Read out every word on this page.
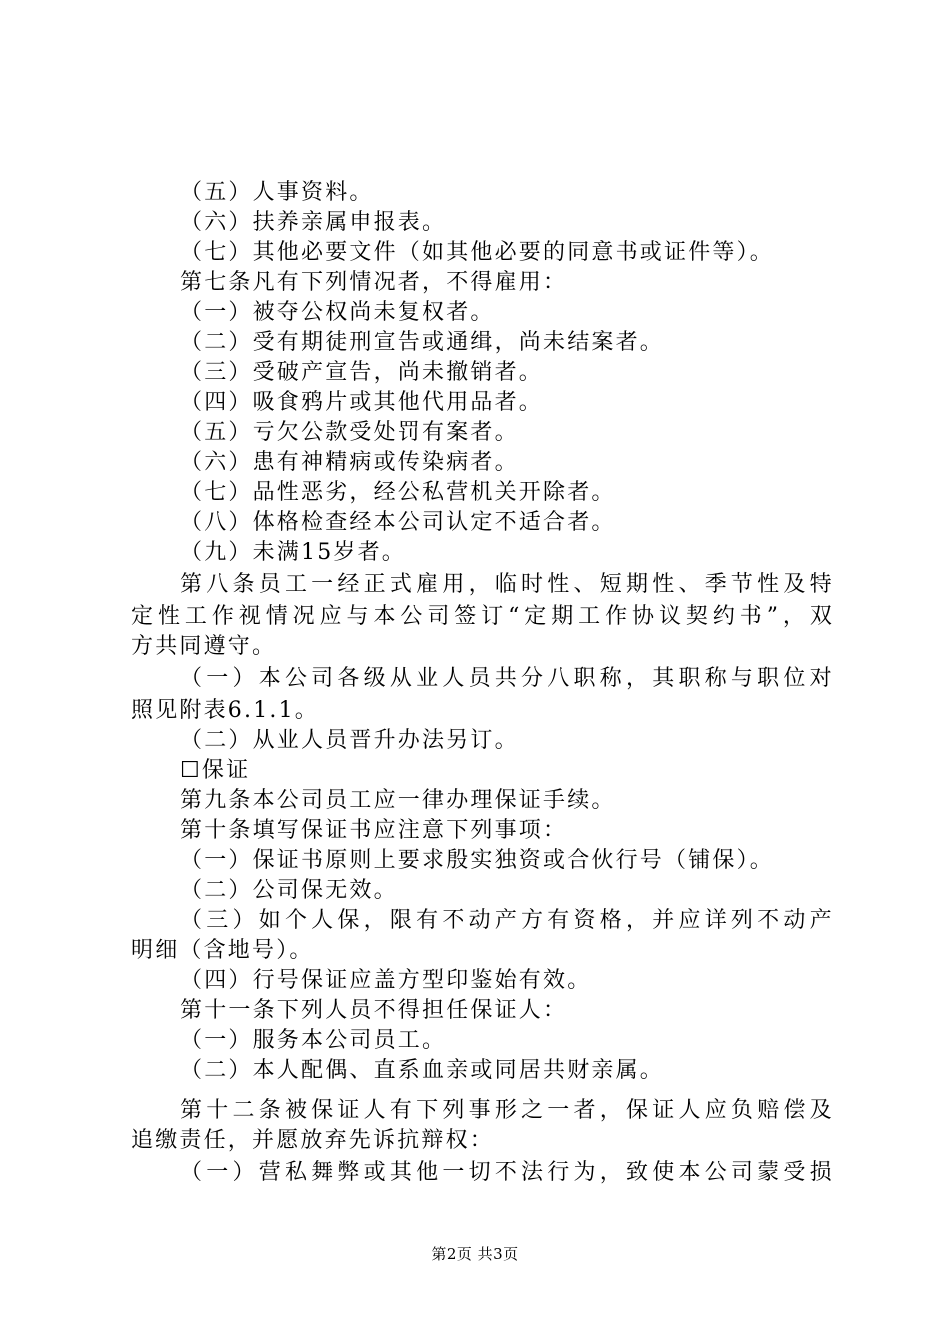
（五）人事资料。
（六）扶养亲属申报表。
（七）其他必要文件（如其他必要的同意书或证件等）。
第七条凡有下列情况者，不得雇用：
（一）被夺公权尚未复权者。
（二）受有期徒刑宣告或通缉，尚未结案者。
（三）受破产宣告，尚未撤销者。
（四）吸食鸦片或其他代用品者。
（五）亏欠公款受处罚有案者。
（六）患有神精病或传染病者。
（七）品性恶劣，经公私营机关开除者。
（八）体格检查经本公司认定不适合者。
（九）未满15岁者。
第 八 条 员 工 一 经 正 式 雇 用 ， 临 时 性 、 短 期 性 、 季 节 性 及 特
定 性 工 作 视 情 况 应 与 本 公 司 签 订 “ 定 期 工 作 协 议 契 约 书 ” ， 双
方共同遵守。
（ 一 ） 本 公 司 各 级 从 业 人 员 共 分 八 职 称 ， 其 职 称 与 职 位 对
照见附表6.1.1。
（二）从业人员晋升办法另订。
☐保证
第九条本公司员工应一律办理保证手续。
第十条填写保证书应注意下列事项：
（一）保证书原则上要求殷实独资或合伙行号（铺保）。
（二）公司保无效。
（ 三 ） 如 个 人 保 ， 限 有 不 动 产 方 有 资 格 ， 并 应 详 列 不 动 产
明细（含地号）。
（四）行号保证应盖方型印鉴始有效。
第十一条下列人员不得担任保证人：
（一）服务本公司员工。
（二）本人配偶、直系血亲或同居共财亲属。
第 十 二 条 被 保 证 人 有 下 列 事 形 之 一 者 ， 保 证 人 应 负 赔 偿 及
追缴责任，并愿放弃先诉抗辩权：
（ 一 ） 营 私 舞 弊 或 其 他 一 切 不 法 行 为 ， 致 使 本 公 司 蒙 受 损
第2页 共3页
